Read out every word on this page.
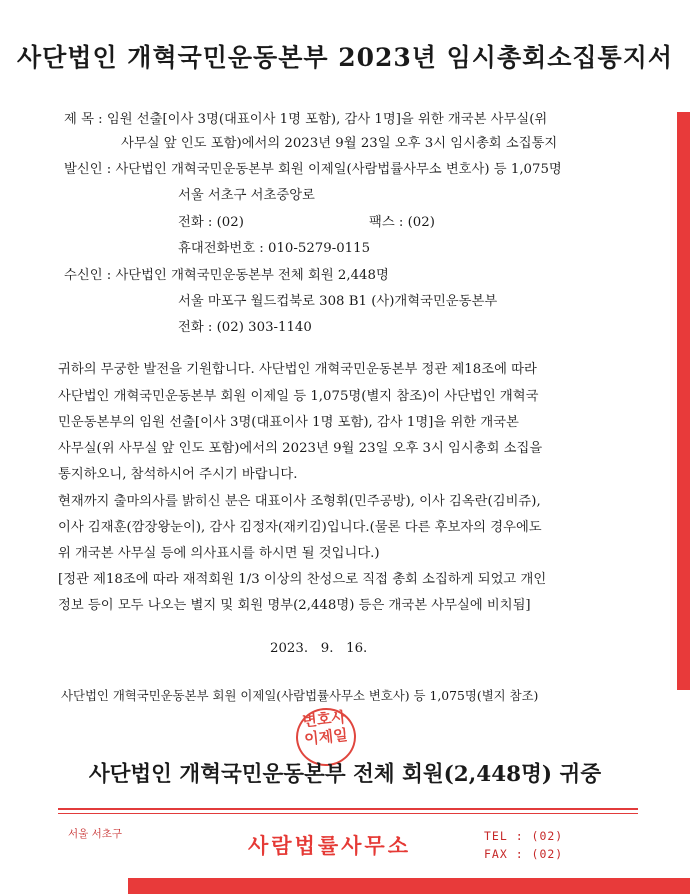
사단법인 개혁국민운동본부 2023년 임시총회소집통지서
제 목 : 임원 선출[이사 3명(대표이사 1명 포함), 감사 1명]을 위한 개국본 사무실(위
사무실 앞 인도 포함)에서의 2023년 9월 23일 오후 3시 임시총회 소집통지
발신인 : 사단법인 개혁국민운동본부 회원 이제일(사람법률사무소 변호사) 등 1,075명
서울 서초구 서초중앙로
전화 : (02)	팩스 : (02)
휴대전화번호 : 010-5279-0115
수신인 : 사단법인 개혁국민운동본부 전체 회원 2,448명
서울 마포구 월드컵북로 308 B1 (사)개혁국민운동본부
전화 : (02) 303-1140
귀하의 무궁한 발전을 기원합니다. 사단법인 개혁국민운동본부 정관 제18조에 따라
사단법인 개혁국민운동본부 회원 이제일 등 1,075명(별지 참조)이 사단법인 개혁국
민운동본부의 임원 선출[이사 3명(대표이사 1명 포함), 감사 1명]을 위한 개국본
사무실(위 사무실 앞 인도 포함)에서의 2023년 9월 23일 오후 3시 임시총회 소집을
통지하오니, 참석하시어 주시기 바랍니다.
현재까지 출마의사를 밝히신 분은 대표이사 조형휘(민주공방), 이사 김옥란(김비쥬),
이사 김재훈(깜장왕눈이), 감사 김정자(재키김)입니다.(물론 다른 후보자의 경우에도
위 개국본 사무실 등에 의사표시를 하시면 될 것입니다.)
[정관 제18조에 따라 재적회원 1/3 이상의 찬성으로 직접 총회 소집하게 되었고 개인
정보 등이 모두 나오는 별지 및 회원 명부(2,448명) 등은 개국본 사무실에 비치됨]
2023.   9.   16.
사단법인 개혁국민운동본부 회원 이제일(사람법률사무소 변호사) 등 1,075명(별지 참조)
변호사
이제일
사단법인 개혁국민운동본부 전체 회원(2,448명) 귀중
서울 서초구	사람법률사무소	TEL : (02)
FAX : (02)
